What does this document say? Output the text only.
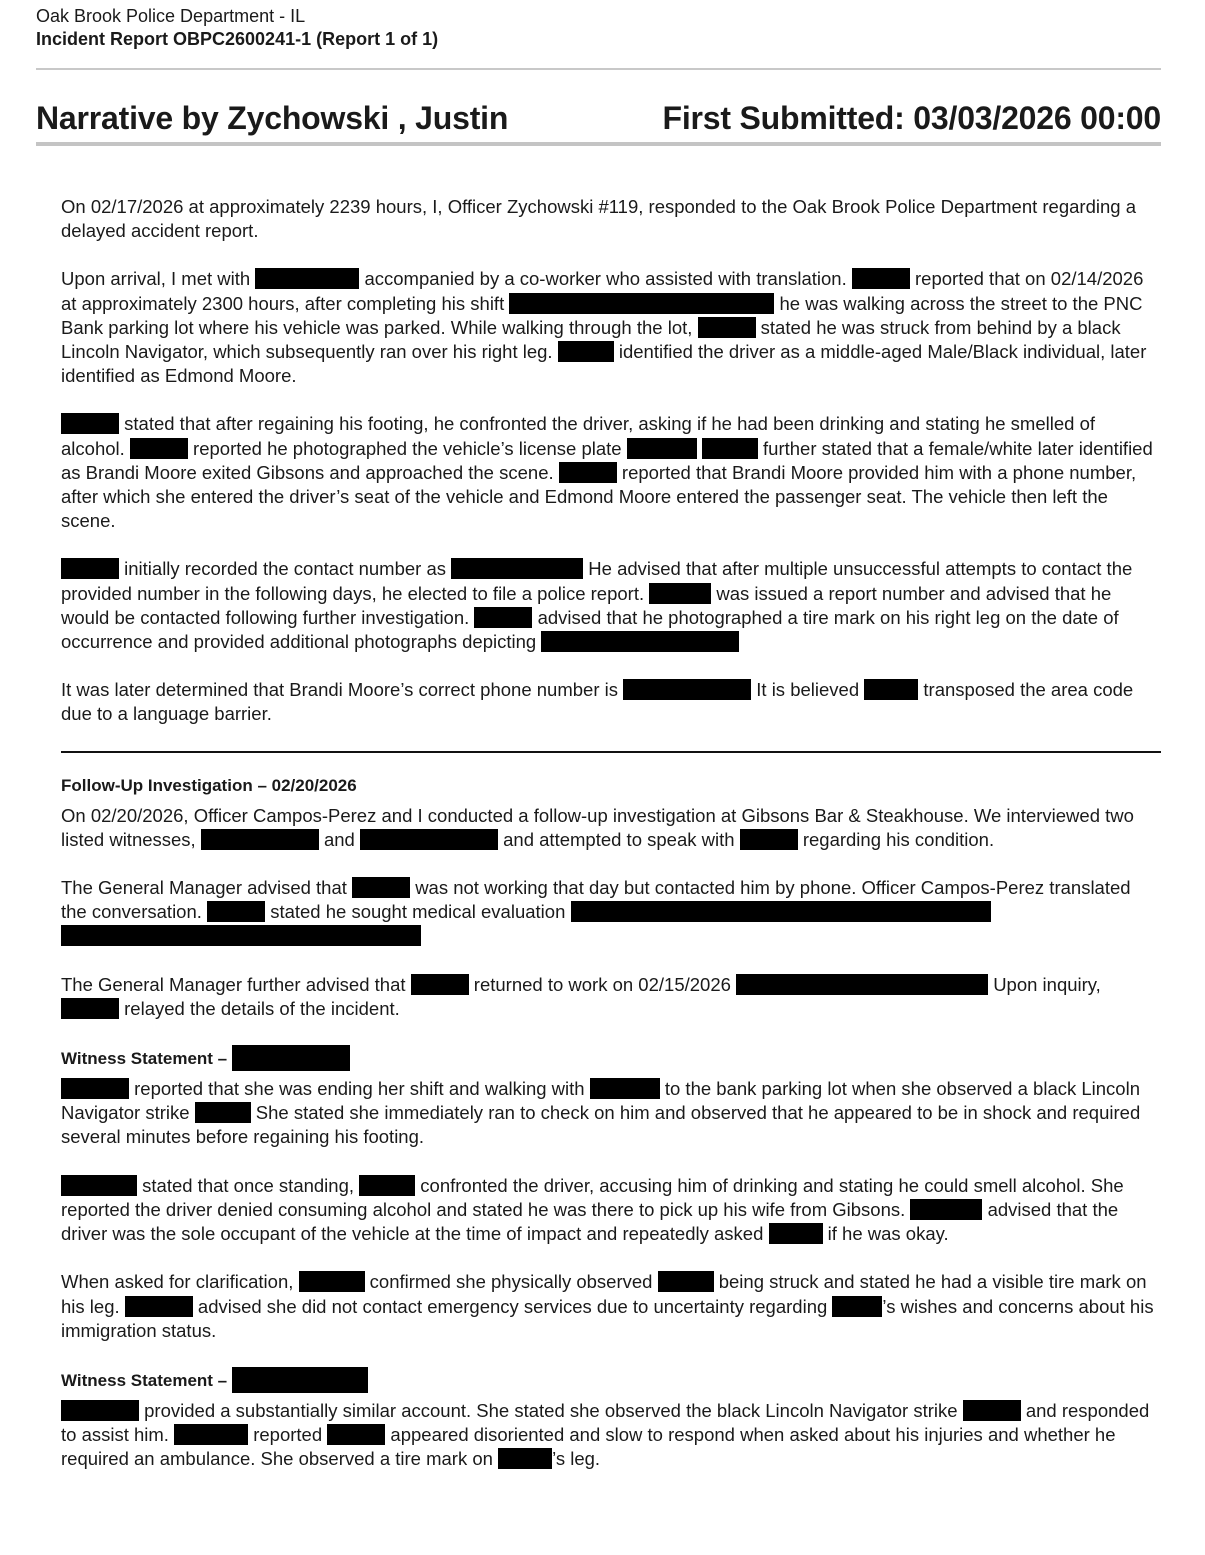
Oak Brook Police Department - IL
Incident Report OBPC2600241-1 (Report 1 of 1)
Narrative by Zychowski , Justin	First Submitted: 03/03/2026 00:00

On 02/17/2026 at approximately 2239 hours, I, Officer Zychowski #119, responded to the Oak Brook Police Department regarding a delayed accident report.

Upon arrival, I met with	accompanied by a co-worker who assisted with translation.	reported that on 02/14/2026 at approximately 2300 hours, after completing his shift	he was walking across the street to the PNC Bank parking lot where his vehicle was parked. While walking through the lot,	stated he was struck from behind by a black Lincoln Navigator, which subsequently ran over his right leg.	identified the driver as a middle-aged Male/Black individual, later identified as Edmond Moore.

stated that after regaining his footing, he confronted the driver, asking if he had been drinking and stating he smelled of alcohol.	reported he photographed the vehicle’s license plate	further stated that a female/white later identified as Brandi Moore exited Gibsons and approached the scene.	reported that Brandi Moore provided him with a phone number, after which she entered the driver’s seat of the vehicle and Edmond Moore entered the passenger seat. The vehicle then left the scene.

initially recorded the contact number as	He advised that after multiple unsuccessful attempts to contact the provided number in the following days, he elected to file a police report.	was issued a report number and advised that he would be contacted following further investigation.	advised that he photographed a tire mark on his right leg on the date of occurrence and provided additional photographs depicting

It was later determined that Brandi Moore’s correct phone number is	It is believed	transposed the area code due to a language barrier.

Follow-Up Investigation – 02/20/2026

On 02/20/2026, Officer Campos-Perez and I conducted a follow-up investigation at Gibsons Bar & Steakhouse. We interviewed two listed witnesses,	and	and attempted to speak with	regarding his condition.

The General Manager advised that	was not working that day but contacted him by phone. Officer Campos-Perez translated the conversation.	stated he sought medical evaluation

The General Manager further advised that	returned to work on 02/15/2026	Upon inquiry,  relayed the details of the incident.

Witness Statement –

reported that she was ending her shift and walking with	to the bank parking lot when she observed a black Lincoln Navigator strike	She stated she immediately ran to check on him and observed that he appeared to be in shock and required several minutes before regaining his footing.

stated that once standing,	confronted the driver, accusing him of drinking and stating he could smell alcohol. She reported the driver denied consuming alcohol and stated he was there to pick up his wife from Gibsons.	advised that the driver was the sole occupant of the vehicle at the time of impact and repeatedly asked	if he was okay.

When asked for clarification,	confirmed she physically observed	being struck and stated he had a visible tire mark on his leg.	advised she did not contact emergency services due to uncertainty regarding	’s wishes and concerns about his immigration status.

Witness Statement –

provided a substantially similar account. She stated she observed the black Lincoln Navigator strike	and responded to assist him.	reported	appeared disoriented and slow to respond when asked about his injuries and whether he required an ambulance. She observed a tire mark on	’s leg.
